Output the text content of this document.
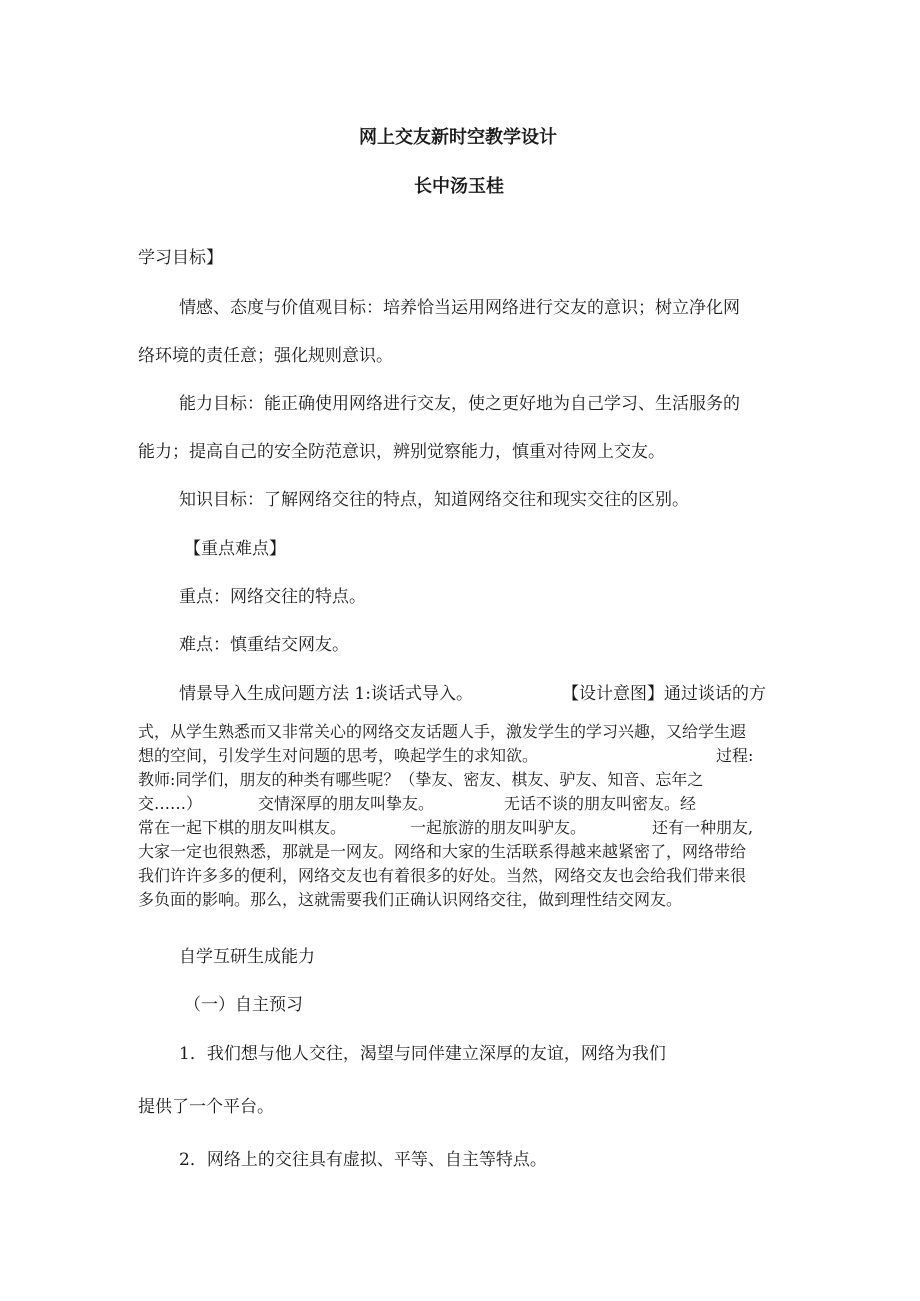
网上交友新时空教学设计

长中汤玉桂

学习目标】

情感、态度与价值观目标：培养恰当运用网络进行交友的意识；树立净化网

络环境的责任意；强化规则意识。

能力目标：能正确使用网络进行交友，使之更好地为自己学习、生活服务的

能力；提高自己的安全防范意识，辨别觉察能力，慎重对待网上交友。

知识目标：了解网络交往的特点，知道网络交往和现实交往的区别。

【重点难点】

重点：网络交往的特点。

难点：慎重结交网友。

情景导入生成问题方法 1:谈话式导入。	【设计意图】通过谈话的方

式，从学生熟悉而又非常关心的网络交友话题人手，激发学生的学习兴趣，又给学生遐

想的空间，引发学生对问题的思考，唤起学生的求知欲。	过程:

教师:同学们，朋友的种类有哪些呢？（挚友、密友、棋友、驴友、知音、忘年之

交……）	交情深厚的朋友叫挚友。	无话不谈的朋友叫密友。经

常在一起下棋的朋友叫棋友。	一起旅游的朋友叫驴友。	还有一种朋友,

大家一定也很熟悉，那就是一网友。网络和大家的生活联系得越来越紧密了，网络带给

我们许许多多的便利，网络交友也有着很多的好处。当然，网络交友也会给我们带来很

多负面的影响。那么，这就需要我们正确认识网络交往，做到理性结交网友。

自学互研生成能力

（一）自主预习

1．我们想与他人交往，渴望与同伴建立深厚的友谊，网络为我们

提供了一个平台。

2．网络上的交往具有虚拟、平等、自主等特点。
